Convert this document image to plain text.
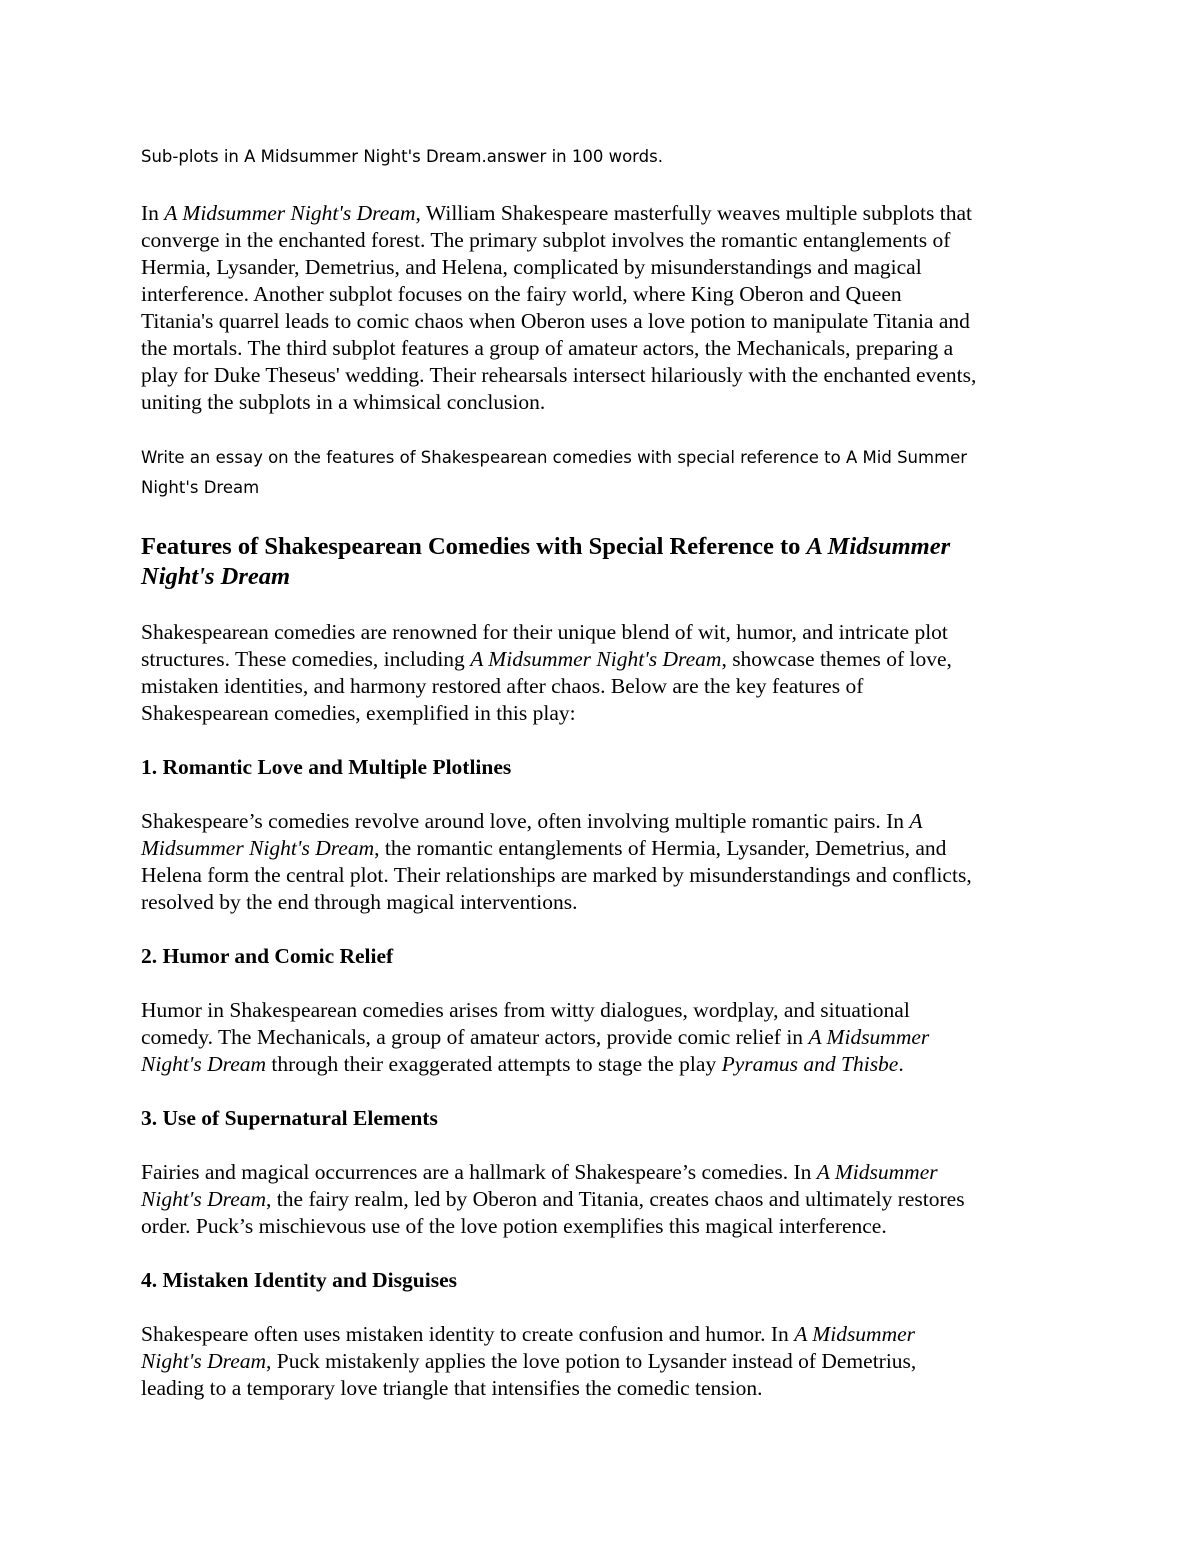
Sub-plots in A Midsummer Night's Dream.answer in 100 words.

In A Midsummer Night's Dream, William Shakespeare masterfully weaves multiple subplots that
converge in the enchanted forest. The primary subplot involves the romantic entanglements of
Hermia, Lysander, Demetrius, and Helena, complicated by misunderstandings and magical
interference. Another subplot focuses on the fairy world, where King Oberon and Queen
Titania's quarrel leads to comic chaos when Oberon uses a love potion to manipulate Titania and
the mortals. The third subplot features a group of amateur actors, the Mechanicals, preparing a
play for Duke Theseus' wedding. Their rehearsals intersect hilariously with the enchanted events,
uniting the subplots in a whimsical conclusion.

Write an essay on the features of Shakespearean comedies with special reference to A Mid Summer
Night's Dream

Features of Shakespearean Comedies with Special Reference to A Midsummer
Night's Dream

Shakespearean comedies are renowned for their unique blend of wit, humor, and intricate plot
structures. These comedies, including A Midsummer Night's Dream, showcase themes of love,
mistaken identities, and harmony restored after chaos. Below are the key features of
Shakespearean comedies, exemplified in this play:

1. Romantic Love and Multiple Plotlines

Shakespeare’s comedies revolve around love, often involving multiple romantic pairs. In A
Midsummer Night's Dream, the romantic entanglements of Hermia, Lysander, Demetrius, and
Helena form the central plot. Their relationships are marked by misunderstandings and conflicts,
resolved by the end through magical interventions.

2. Humor and Comic Relief

Humor in Shakespearean comedies arises from witty dialogues, wordplay, and situational
comedy. The Mechanicals, a group of amateur actors, provide comic relief in A Midsummer
Night's Dream through their exaggerated attempts to stage the play Pyramus and Thisbe.

3. Use of Supernatural Elements

Fairies and magical occurrences are a hallmark of Shakespeare’s comedies. In A Midsummer
Night's Dream, the fairy realm, led by Oberon and Titania, creates chaos and ultimately restores
order. Puck’s mischievous use of the love potion exemplifies this magical interference.

4. Mistaken Identity and Disguises

Shakespeare often uses mistaken identity to create confusion and humor. In A Midsummer
Night's Dream, Puck mistakenly applies the love potion to Lysander instead of Demetrius,
leading to a temporary love triangle that intensifies the comedic tension.
